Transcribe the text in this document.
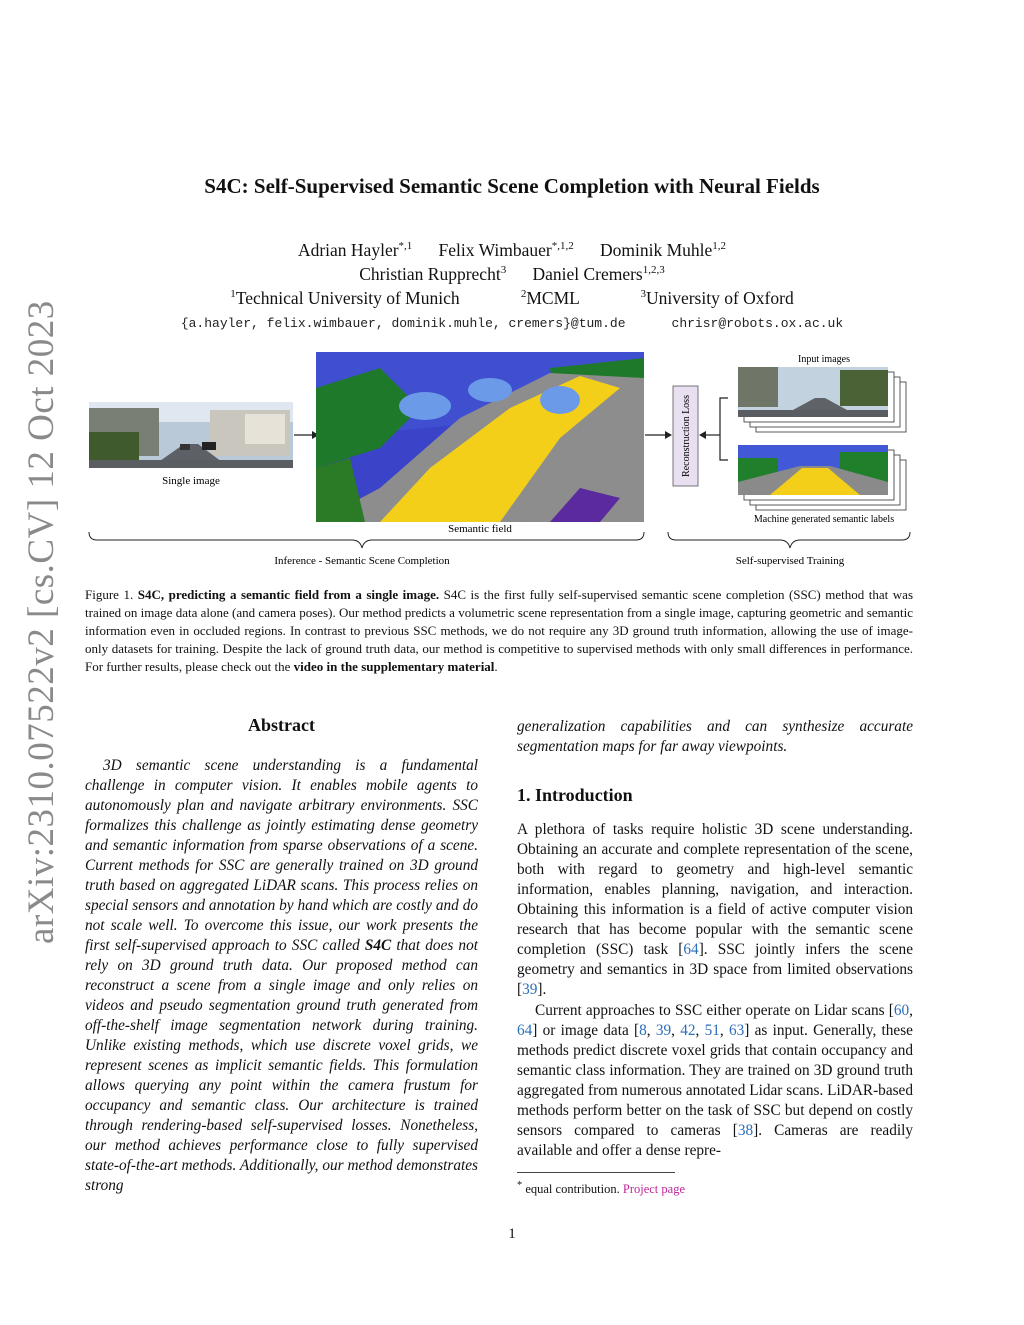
arXiv:2310.07522v2 [cs.CV] 12 Oct 2023
S4C: Self-Supervised Semantic Scene Completion with Neural Fields
Adrian Hayler$^{*,1}$ Felix Wimbauer$^{*,1,2}$ Dominik Muhle$^{1,2}$
Christian Rupprecht$^3$ Daniel Cremers$^{1,2,3}$
$^1$Technical University of Munich	$^2$MCML	$^3$University of Oxford
{a.hayler, felix.wimbauer, dominik.muhle, cremers}@tum.de	chrisr@robots.ox.ac.uk
Single image
Semantic field
Reconstruction Loss
Input images
Machine generated semantic labels
Inference - Semantic Scene Completion	Self-supervised Training
Figure 1. S4C, predicting a semantic field from a single image. S4C is the first fully self-supervised semantic scene completion (SSC) method that was trained on image data alone (and camera poses). Our method predicts a volumetric scene representation from a single image, capturing geometric and semantic information even in occluded regions. In contrast to previous SSC methods, we do not require any 3D ground truth information, allowing the use of image-only datasets for training. Despite the lack of ground truth data, our method is competitive to supervised methods with only small differences in performance. For further results, please check out the video in the supplementary material.
Abstract
3D semantic scene understanding is a fundamental challenge in computer vision. It enables mobile agents to autonomously plan and navigate arbitrary environments. SSC formalizes this challenge as jointly estimating dense geometry and semantic information from sparse observations of a scene. Current methods for SSC are generally trained on 3D ground truth based on aggregated LiDAR scans. This process relies on special sensors and annotation by hand which are costly and do not scale well. To overcome this issue, our work presents the first self-supervised approach to SSC called S4C that does not rely on 3D ground truth data. Our proposed method can reconstruct a scene from a single image and only relies on videos and pseudo segmentation ground truth generated from off-the-shelf image segmentation network during training. Unlike existing methods, which use discrete voxel grids, we represent scenes as implicit semantic fields. This formulation allows querying any point within the camera frustum for occupancy and semantic class. Our architecture is trained through rendering-based self-supervised losses. Nonetheless, our method achieves performance close to fully supervised state-of-the-art methods. Additionally, our method demonstrates strong
generalization capabilities and can synthesize accurate segmentation maps for far away viewpoints.
1. Introduction
A plethora of tasks require holistic 3D scene understanding. Obtaining an accurate and complete representation of the scene, both with regard to geometry and high-level semantic information, enables planning, navigation, and interaction. Obtaining this information is a field of active computer vision research that has become popular with the semantic scene completion (SSC) task [64]. SSC jointly infers the scene geometry and semantics in 3D space from limited observations [39].
Current approaches to SSC either operate on Lidar scans [60, 64] or image data [8, 39, 42, 51, 63] as input. Generally, these methods predict discrete voxel grids that contain occupancy and semantic class information. They are trained on 3D ground truth aggregated from numerous annotated Lidar scans. LiDAR-based methods perform better on the task of SSC but depend on costly sensors compared to cameras [38]. Cameras are readily available and offer a dense repre-
* equal contribution. Project page
1
